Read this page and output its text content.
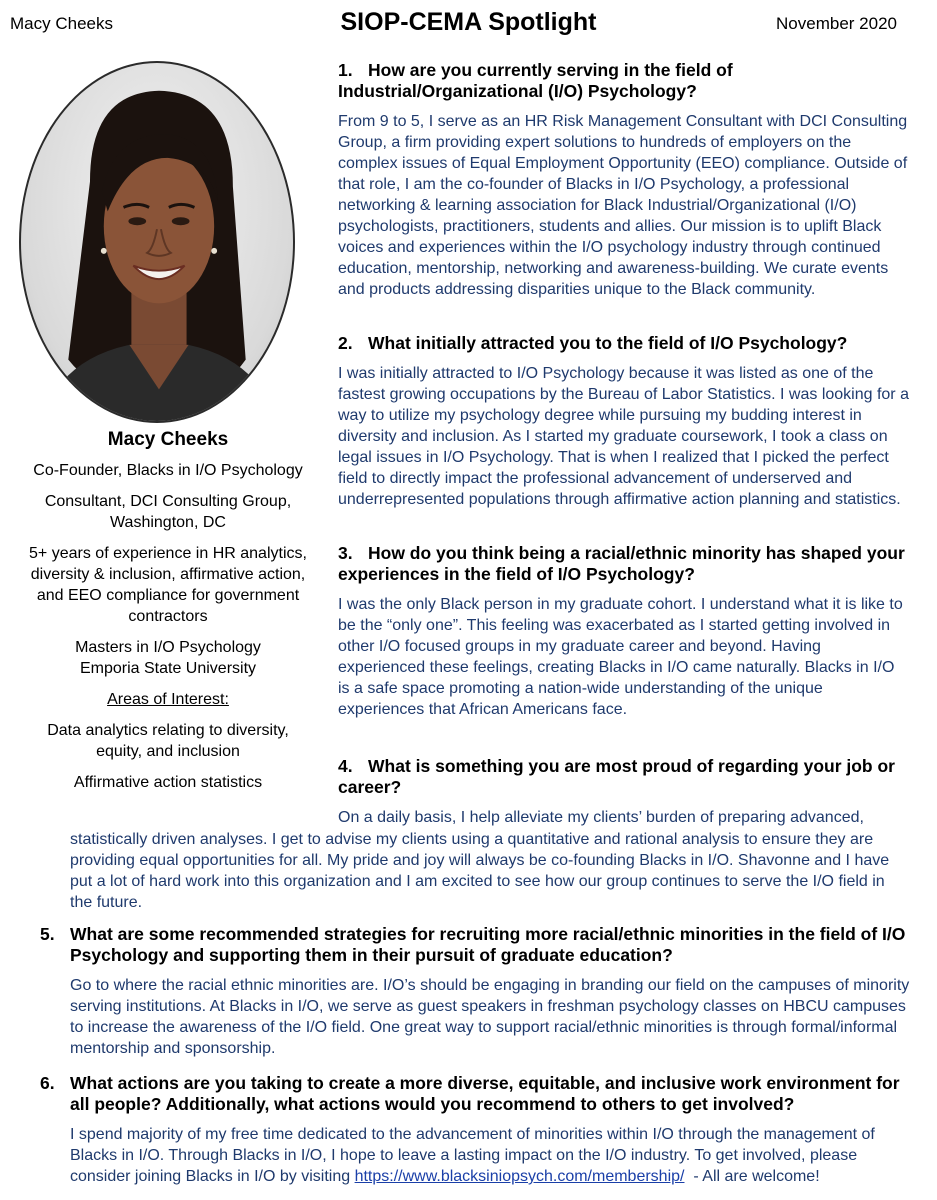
Macy Cheeks	SIOP-CEMA Spotlight	November 2020
Macy Cheeks

Co-Founder, Blacks in I/O Psychology

Consultant, DCI Consulting Group, Washington, DC

5+ years of experience in HR analytics, diversity & inclusion, affirmative action, and EEO compliance for government contractors

Masters in I/O Psychology
Emporia State University

Areas of Interest:

Data analytics relating to diversity, equity, and inclusion

Affirmative action statistics

1. How are you currently serving in the field of Industrial/Organizational (I/O) Psychology?
From 9 to 5, I serve as an HR Risk Management Consultant with DCI Consulting Group, a firm providing expert solutions to hundreds of employers on the complex issues of Equal Employment Opportunity (EEO) compliance. Outside of that role, I am the co-founder of Blacks in I/O Psychology, a professional networking & learning association for Black Industrial/Organizational (I/O) psychologists, practitioners, students and allies. Our mission is to uplift Black voices and experiences within the I/O psychology industry through continued education, mentorship, networking and awareness-building. We curate events and products addressing disparities unique to the Black community.
2. What initially attracted you to the field of I/O Psychology?
I was initially attracted to I/O Psychology because it was listed as one of the fastest growing occupations by the Bureau of Labor Statistics. I was looking for a way to utilize my psychology degree while pursuing my budding interest in diversity and inclusion. As I started my graduate coursework, I took a class on legal issues in I/O Psychology. That is when I realized that I picked the perfect field to directly impact the professional advancement of underserved and underrepresented populations through affirmative action planning and statistics.
3. How do you think being a racial/ethnic minority has shaped your experiences in the field of I/O Psychology?
I was the only Black person in my graduate cohort. I understand what it is like to be the “only one”. This feeling was exacerbated as I started getting involved in other I/O focused groups in my graduate career and beyond. Having experienced these feelings, creating Blacks in I/O came naturally. Blacks in I/O is a safe space promoting a nation-wide understanding of the unique experiences that African Americans face.
4. What is something you are most proud of regarding your job or career?
On a daily basis, I help alleviate my clients’ burden of preparing advanced,
statistically driven analyses. I get to advise my clients using a quantitative and rational analysis to ensure they are providing equal opportunities for all. My pride and joy will always be co-founding Blacks in I/O. Shavonne and I have put a lot of hard work into this organization and I am excited to see how our group continues to serve the I/O field in the future.
5. What are some recommended strategies for recruiting more racial/ethnic minorities in the field of I/O Psychology and supporting them in their pursuit of graduate education?
Go to where the racial ethnic minorities are. I/O’s should be engaging in branding our field on the campuses of minority serving institutions. At Blacks in I/O, we serve as guest speakers in freshman psychology classes on HBCU campuses to increase the awareness of the I/O field. One great way to support racial/ethnic minorities is through formal/informal mentorship and sponsorship.
6. What actions are you taking to create a more diverse, equitable, and inclusive work environment for all people? Additionally, what actions would you recommend to others to get involved?
I spend majority of my free time dedicated to the advancement of minorities within I/O through the management of Blacks in I/O. Through Blacks in I/O, I hope to leave a lasting impact on the I/O industry. To get involved, please consider joining Blacks in I/O by visiting https://www.blacksiniopsych.com/membership/  - All are welcome!
